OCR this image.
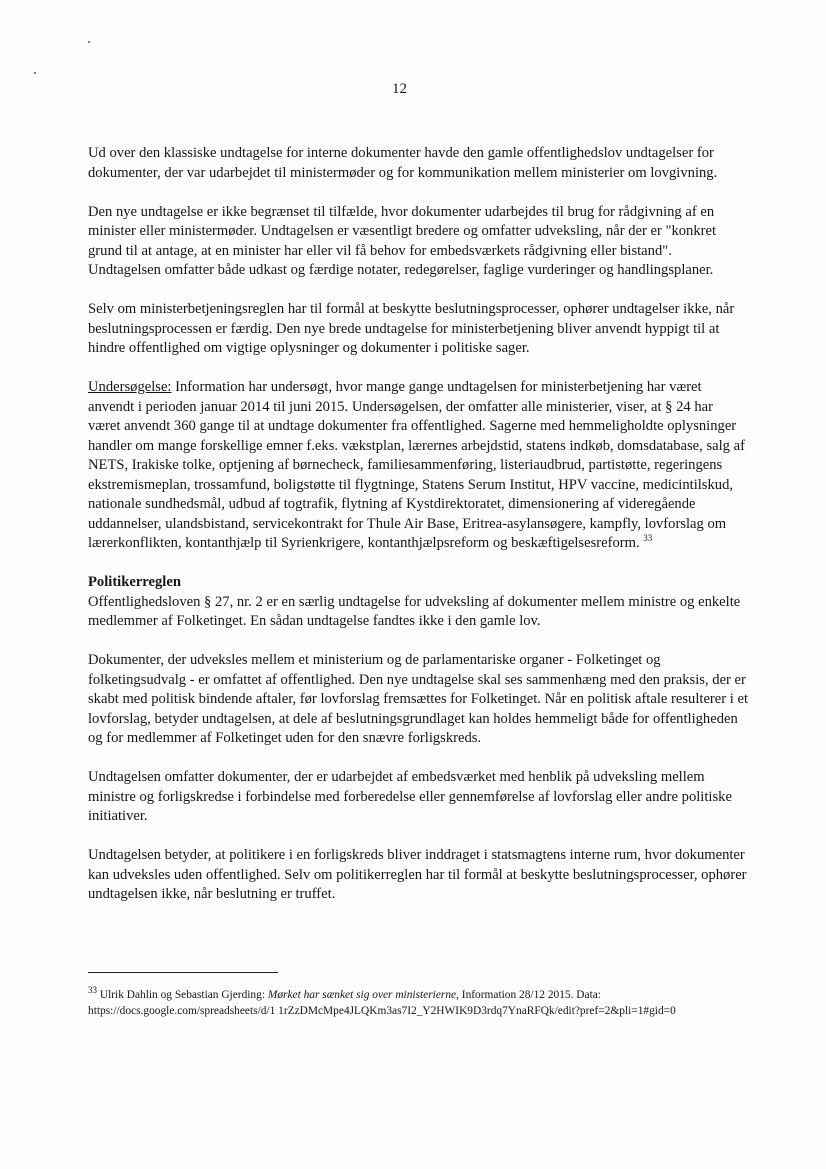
12

Ud over den klassiske undtagelse for interne dokumenter havde den gamle offentlighedslov undtagelser for dokumenter, der var udarbejdet til ministermøder og for kommunikation mellem ministerier om lovgivning.

Den nye undtagelse er ikke begrænset til tilfælde, hvor dokumenter udarbejdes til brug for rådgivning af en minister eller ministermøder. Undtagelsen er væsentligt bredere og omfatter udveksling, når der er "konkret grund til at antage, at en minister har eller vil få behov for embedsværkets rådgivning eller bistand". Undtagelsen omfatter både udkast og færdige notater, redegørelser, faglige vurderinger og handlingsplaner.

Selv om ministerbetjeningsreglen har til formål at beskytte beslutningsprocesser, ophører undtagelser ikke, når beslutningsprocessen er færdig. Den nye brede undtagelse for ministerbetjening bliver anvendt hyppigt til at hindre offentlighed om vigtige oplysninger og dokumenter i politiske sager.

Undersøgelse: Information har undersøgt, hvor mange gange undtagelsen for ministerbetjening har været anvendt i perioden januar 2014 til juni 2015. Undersøgelsen, der omfatter alle ministerier, viser, at § 24 har været anvendt 360 gange til at undtage dokumenter fra offentlighed. Sagerne med hemmeligholdte oplysninger handler om mange forskellige emner f.eks. vækstplan, lærernes arbejdstid, statens indkøb, domsdatabase, salg af NETS, Irakiske tolke, optjening af børnecheck, familiesammenføring, listeriaudbrud, partistøtte, regeringens ekstremismeplan, trossamfund, boligstøtte til flygtninge, Statens Serum Institut, HPV vaccine, medicintilskud, nationale sundhedsmål, udbud af togtrafik, flytning af Kystdirektoratet, dimensionering af videregående uddannelser, ulandsbistand, servicekontrakt for Thule Air Base, Eritrea-asylansøgere, kampfly, lovforslag om lærerkonflikten, kontanthjælp til Syrienkrigere, kontanthjælpsreform og beskæftigelsesreform. $^{33}$

Politikerreglen
Offentlighedsloven § 27, nr. 2 er en særlig undtagelse for udveksling af dokumenter mellem ministre og enkelte medlemmer af Folketinget. En sådan undtagelse fandtes ikke i den gamle lov.

Dokumenter, der udveksles mellem et ministerium og de parlamentariske organer - Folketinget og folketingsudvalg - er omfattet af offentlighed. Den nye undtagelse skal ses sammenhæng med den praksis, der er skabt med politisk bindende aftaler, før lovforslag fremsættes for Folketinget. Når en politisk aftale resulterer i et lovforslag, betyder undtagelsen, at dele af beslutningsgrundlaget kan holdes hemmeligt både for offentligheden og for medlemmer af Folketinget uden for den snævre forligskreds.

Undtagelsen omfatter dokumenter, der er udarbejdet af embedsværket med henblik på udveksling mellem ministre og forligskredse i forbindelse med forberedelse eller gennemførelse af lovforslag eller andre politiske initiativer.

Undtagelsen betyder, at politikere i en forligskreds bliver inddraget i statsmagtens interne rum, hvor dokumenter kan udveksles uden offentlighed. Selv om politikerreglen har til formål at beskytte beslutningsprocesser, ophører undtagelsen ikke, når beslutning er truffet.

$^{33}$ Ulrik Dahlin og Sebastian Gjerding: Mørket har sænket sig over ministerierne, Information 28/12 2015. Data:
https://docs.google.com/spreadsheets/d/1 1rZzDMcMpe4JLQKm3as7I2_Y2HWIK9D3rdq7YnaRFQk/edit?pref=2&pli=1#gid=0
